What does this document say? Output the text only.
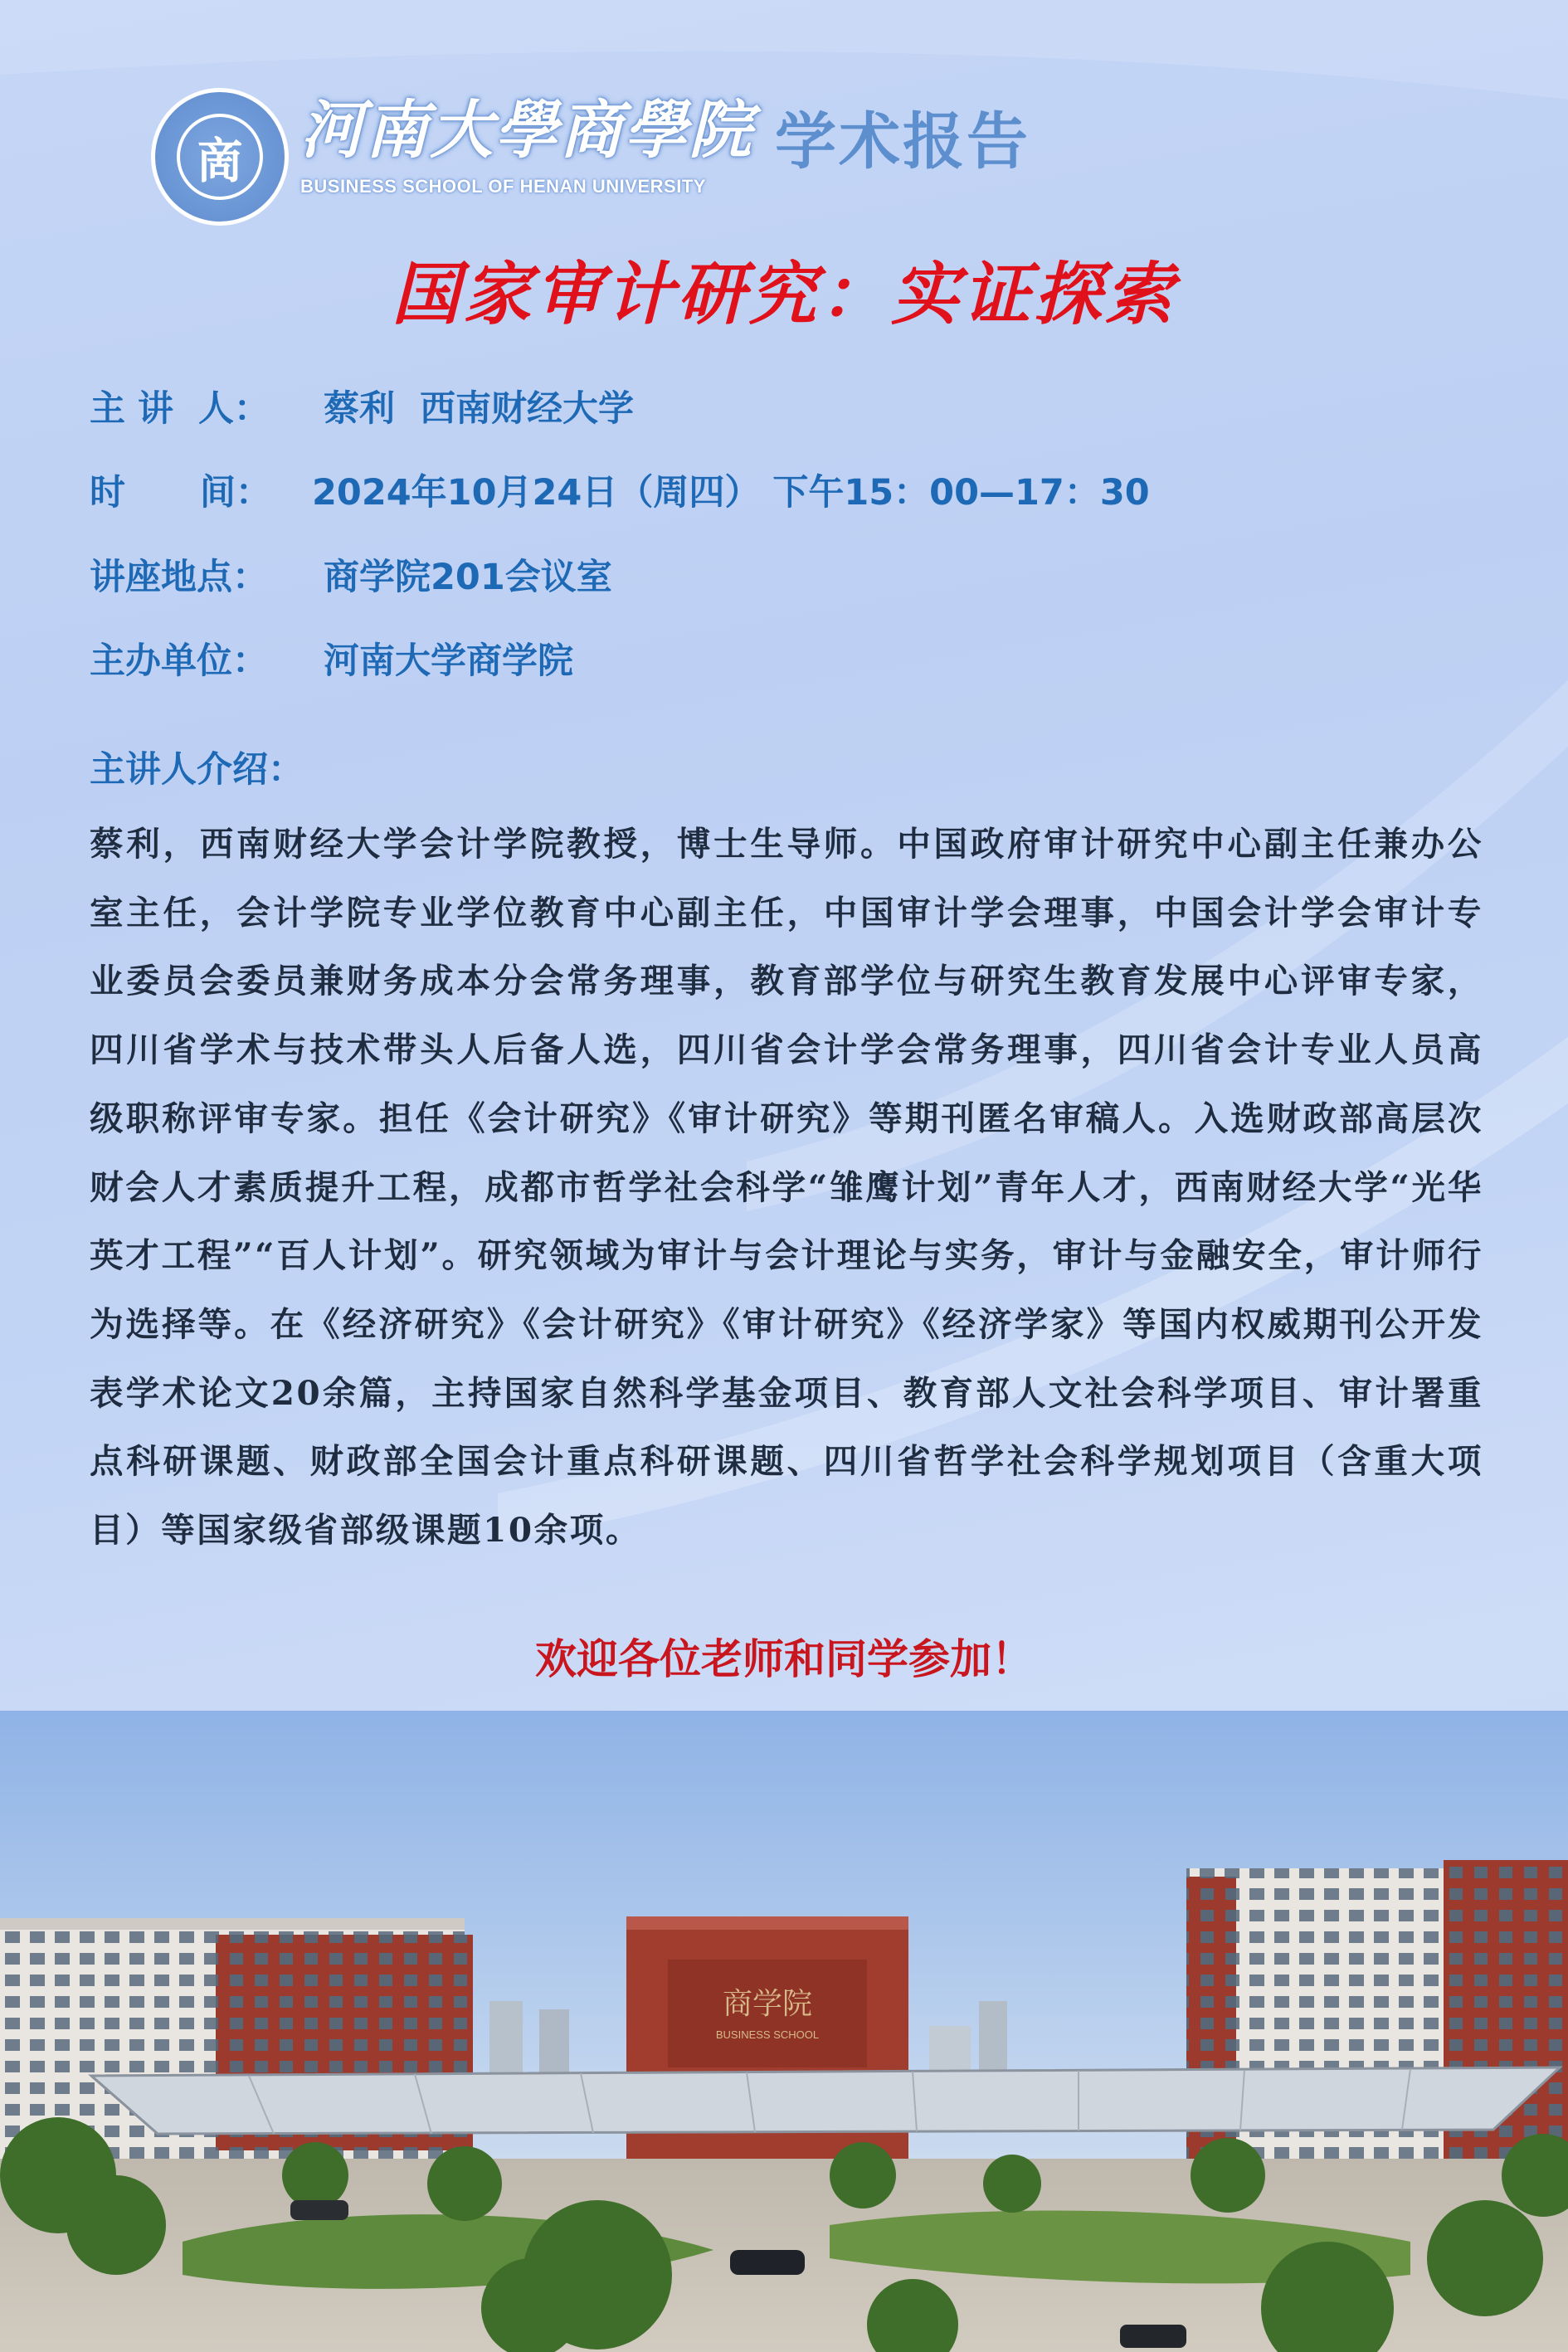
啇 河南大學商學院
BUSINESS SCHOOL OF HENAN UNIVERSITY
学术报告
国家审计研究：实证探索
主 讲  人： 蔡利  西南财经大学
时      间： 2024年10月24日（周四） 下午15：00—17：30
讲座地点： 商学院201会议室
主办单位： 河南大学商学院
主讲人介绍：

蔡利，西南财经大学会计学院教授，博士生导师。中国政府审计研究中心副主任兼办公室主任，会计学院专业学位教育中心副主任，中国审计学会理事，中国会计学会审计专业委员会委员兼财务成本分会常务理事，教育部学位与研究生教育发展中心评审专家，四川省学术与技术带头人后备人选，四川省会计学会常务理事，四川省会计专业人员高级职称评审专家。担任《会计研究》《审计研究》等期刊匿名审稿人。入选财政部高层次财会人才素质提升工程，成都市哲学社会科学“雏鹰计划”青年人才，西南财经大学“光华英才工程”“百人计划”。研究领域为审计与会计理论与实务，审计与金融安全，审计师行为选择等。在《经济研究》《会计研究》《审计研究》《经济学家》等国内权威期刊公开发表学术论文20余篇，主持国家自然科学基金项目、教育部人文社会科学项目、审计署重点科研课题、财政部全国会计重点科研课题、四川省哲学社会科学规划项目（含重大项目）等国家级省部级课题10余项。

欢迎各位老师和同学参加！
商学院
BUSINESS SCHOOL
